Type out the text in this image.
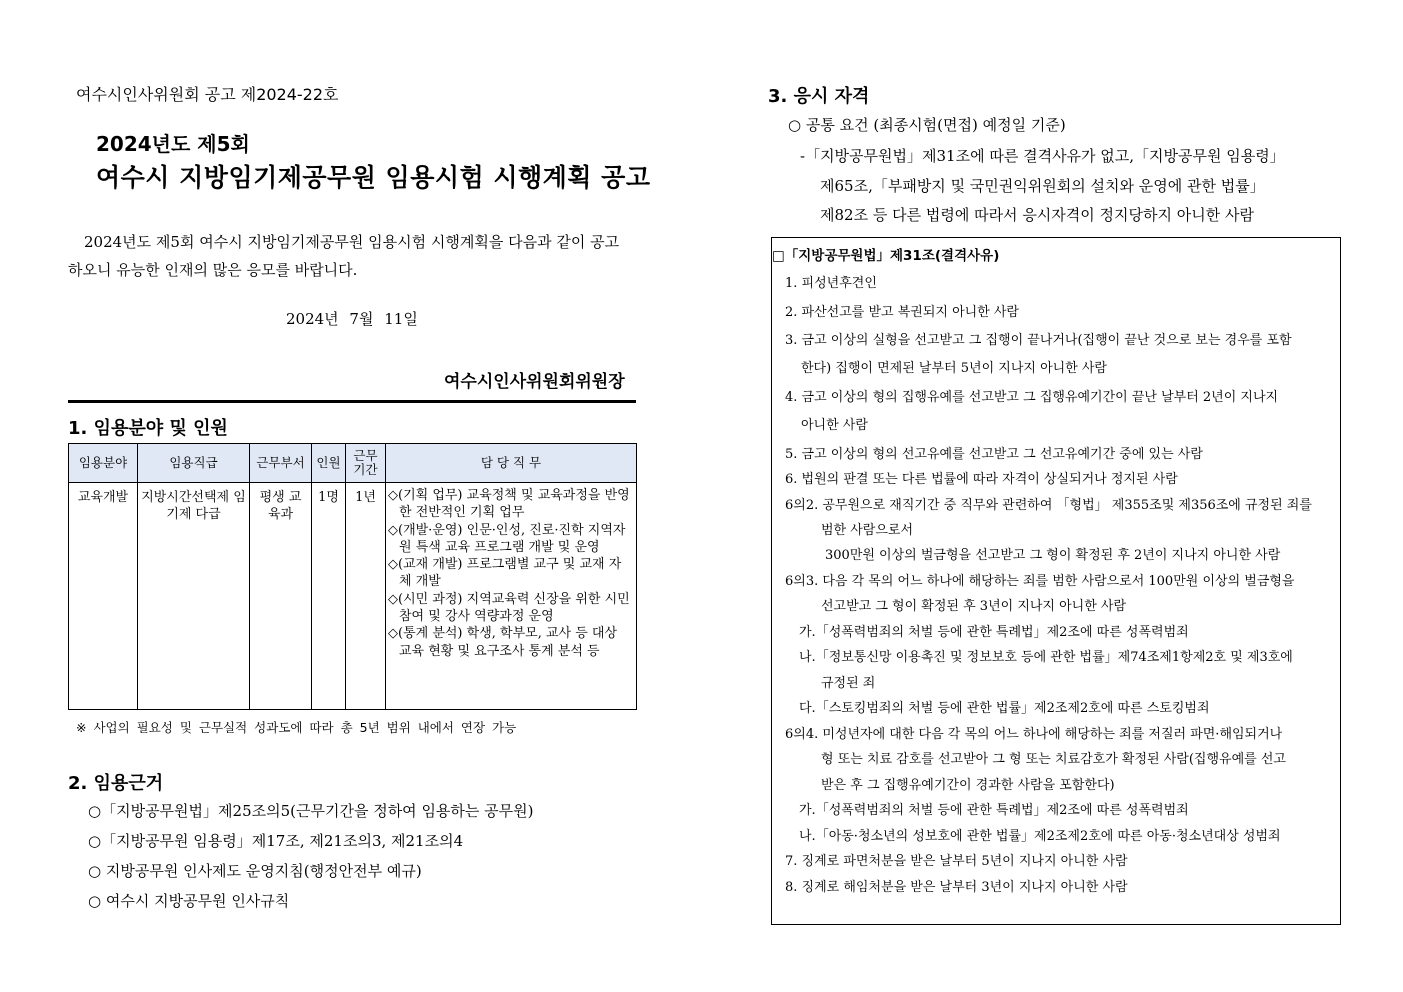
여수시인사위원회 공고 제2024-22호
2024년도 제5회
여수시 지방임기제공무원 임용시험 시행계획 공고
2024년도 제5회 여수시 지방임기제공무원 임용시험 시행계획을 다음과 같이 공고하오니 유능한 인재의 많은 응모를 바랍니다.
2024년 7월 11일
여수시인사위원회위원장
1. 임용분야 및 인원
임용분야	임용직급	근무부서	인원	근무 기간	담 당 직 무
교육개발	지방시간선택제 임기제 다급	평생 교육과	1명	1년	◇(기획 업무) 교육정책 및 교육과정을 반영한 전반적인 기획 업무
◇(개발·운영) 인문·인성, 진로·진학 지역자원 특색 교육 프로그램 개발 및 운영
◇(교재 개발) 프로그램별 교구 및 교재 자체 개발
◇(시민 과정) 지역교육력 신장을 위한 시민참여 및 강사 역량과정 운영
◇(통계 분석) 학생, 학부모, 교사 등 대상 교육 현황 및 요구조사 통계 분석 등
※ 사업의 필요성 및 근무실적 성과도에 따라 총 5년 범위 내에서 연장 가능
2. 임용근거
○「지방공무원법」제25조의5(근무기간을 정하여 임용하는 공무원)
○「지방공무원 임용령」제17조, 제21조의3, 제21조의4
○ 지방공무원 인사제도 운영지침(행정안전부 예규)
○ 여수시 지방공무원 인사규칙
3. 응시 자격
○ 공통 요건 (최종시험(면접) 예정일 기준)
-「지방공무원법」제31조에 따른 결격사유가 없고,「지방공무원 임용령」
제65조,「부패방지 및 국민권익위원회의 설치와 운영에 관한 법률」
제82조 등 다른 법령에 따라서 응시자격이 정지당하지 아니한 사람
□「지방공무원법」제31조(결격사유)
1. 피성년후견인
2. 파산선고를 받고 복권되지 아니한 사람
3. 금고 이상의 실형을 선고받고 그 집행이 끝나거나(집행이 끝난 것으로 보는 경우를 포함
한다) 집행이 면제된 날부터 5년이 지나지 아니한 사람
4. 금고 이상의 형의 집행유예를 선고받고 그 집행유예기간이 끝난 날부터 2년이 지나지
아니한 사람
5. 금고 이상의 형의 선고유예를 선고받고 그 선고유예기간 중에 있는 사람
6. 법원의 판결 또는 다른 법률에 따라 자격이 상실되거나 정지된 사람
6의2. 공무원으로 재직기간 중 직무와 관련하여 「형법」 제355조및 제356조에 규정된 죄를
범한 사람으로서
300만원 이상의 벌금형을 선고받고 그 형이 확정된 후 2년이 지나지 아니한 사람
6의3. 다음 각 목의 어느 하나에 해당하는 죄를 범한 사람으로서 100만원 이상의 벌금형을
선고받고 그 형이 확정된 후 3년이 지나지 아니한 사람
가.「성폭력범죄의 처벌 등에 관한 특례법」제2조에 따른 성폭력범죄
나.「정보통신망 이용촉진 및 정보보호 등에 관한 법률」제74조제1항제2호 및 제3호에
규정된 죄
다.「스토킹범죄의 처벌 등에 관한 법률」제2조제2호에 따른 스토킹범죄
6의4. 미성년자에 대한 다음 각 목의 어느 하나에 해당하는 죄를 저질러 파면·해임되거나
형 또는 치료 감호를 선고받아 그 형 또는 치료감호가 확정된 사람(집행유예를 선고
받은 후 그 집행유예기간이 경과한 사람을 포함한다)
가.「성폭력범죄의 처벌 등에 관한 특례법」제2조에 따른 성폭력범죄
나.「아동·청소년의 성보호에 관한 법률」제2조제2호에 따른 아동·청소년대상 성범죄
7. 징계로 파면처분을 받은 날부터 5년이 지나지 아니한 사람
8. 징계로 해임처분을 받은 날부터 3년이 지나지 아니한 사람
